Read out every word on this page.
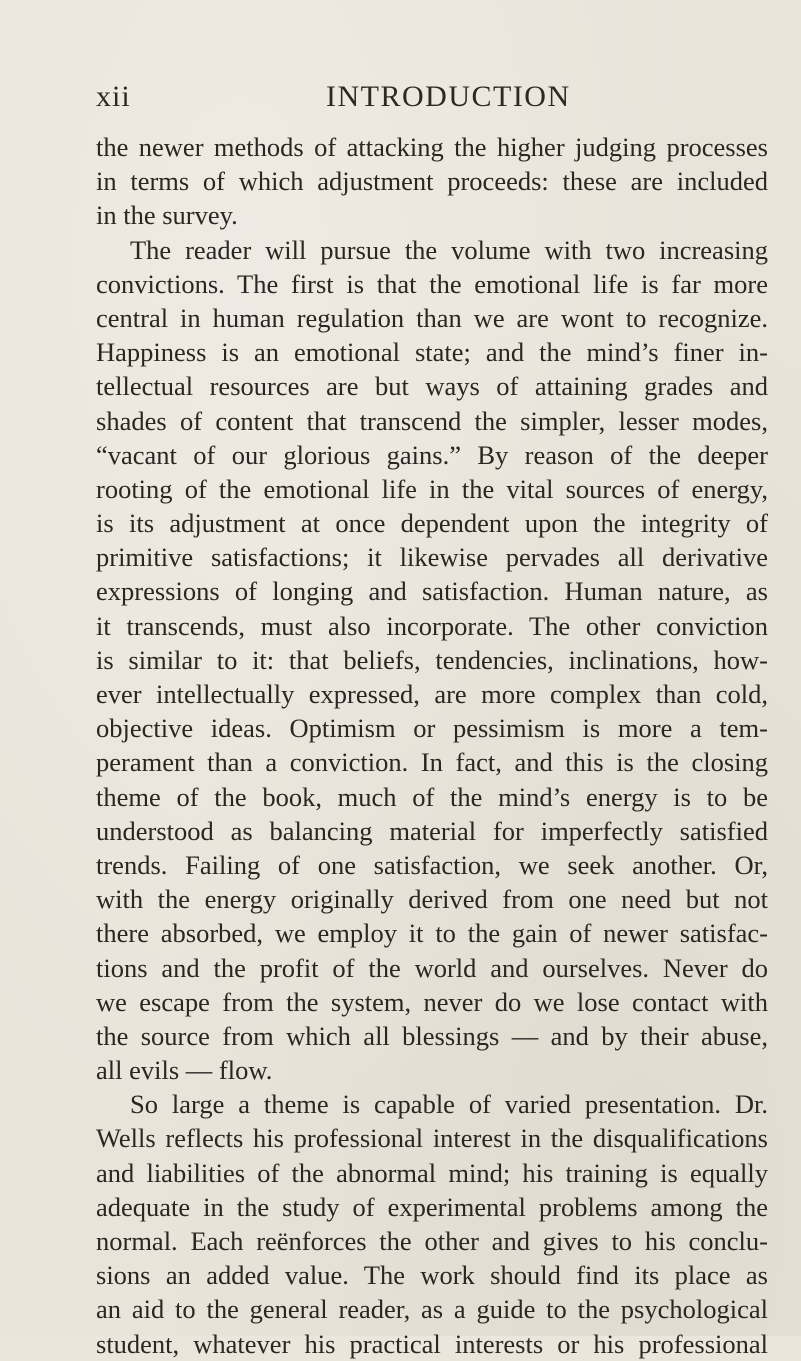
xii	INTRODUCTION

the newer methods of attacking the higher judging processes
in terms of which adjustment proceeds: these are included
in the survey.

The reader will pursue the volume with two increasing
convictions. The first is that the emotional life is far more
central in human regulation than we are wont to recognize.
Happiness is an emotional state; and the mind’s finer in-
tellectual resources are but ways of attaining grades and
shades of content that transcend the simpler, lesser modes,
“vacant of our glorious gains.” By reason of the deeper
rooting of the emotional life in the vital sources of energy,
is its adjustment at once dependent upon the integrity of
primitive satisfactions; it likewise pervades all derivative
expressions of longing and satisfaction. Human nature, as
it transcends, must also incorporate. The other conviction
is similar to it: that beliefs, tendencies, inclinations, how-
ever intellectually expressed, are more complex than cold,
objective ideas. Optimism or pessimism is more a tem-
perament than a conviction. In fact, and this is the closing
theme of the book, much of the mind’s energy is to be
understood as balancing material for imperfectly satisfied
trends. Failing of one satisfaction, we seek another. Or,
with the energy originally derived from one need but not
there absorbed, we employ it to the gain of newer satisfac-
tions and the profit of the world and ourselves. Never do
we escape from the system, never do we lose contact with
the source from which all blessings — and by their abuse,
all evils — flow.

So large a theme is capable of varied presentation. Dr.
Wells reflects his professional interest in the disqualifications
and liabilities of the abnormal mind; his training is equally
adequate in the study of experimental problems among the
normal. Each reënforces the other and gives to his conclu-
sions an added value. The work should find its place as
an aid to the general reader, as a guide to the psychological
student, whatever his practical interests or his professional
